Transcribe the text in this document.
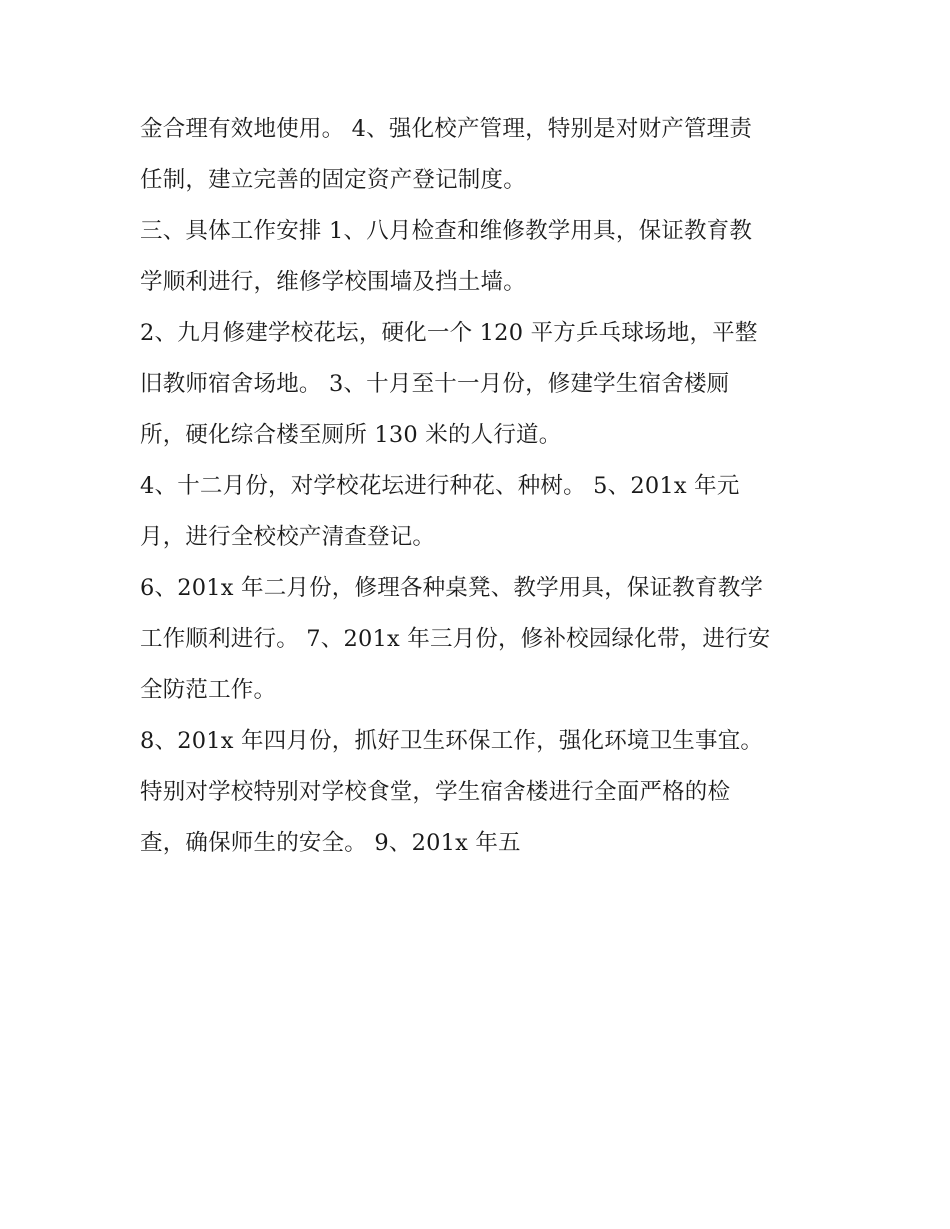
金合理有效地使用。 4、强化校产管理，特别是对财产管理责
任制，建立完善的固定资产登记制度。
三、具体工作安排 1、八月检查和维修教学用具，保证教育教
学顺利进行，维修学校围墙及挡土墙。
2、九月修建学校花坛，硬化一个 120 平方乒乓球场地，平整
旧教师宿舍场地。 3、十月至十一月份，修建学生宿舍楼厕
所，硬化综合楼至厕所 130 米的人行道。
4、十二月份，对学校花坛进行种花、种树。 5、201x 年元
月，进行全校校产清查登记。
6、201x 年二月份，修理各种桌凳、教学用具，保证教育教学
工作顺利进行。 7、201x 年三月份，修补校园绿化带，进行安
全防范工作。
8、201x 年四月份，抓好卫生环保工作，强化环境卫生事宜。
特别对学校特别对学校食堂，学生宿舍楼进行全面严格的检
查，确保师生的安全。 9、201x 年五
